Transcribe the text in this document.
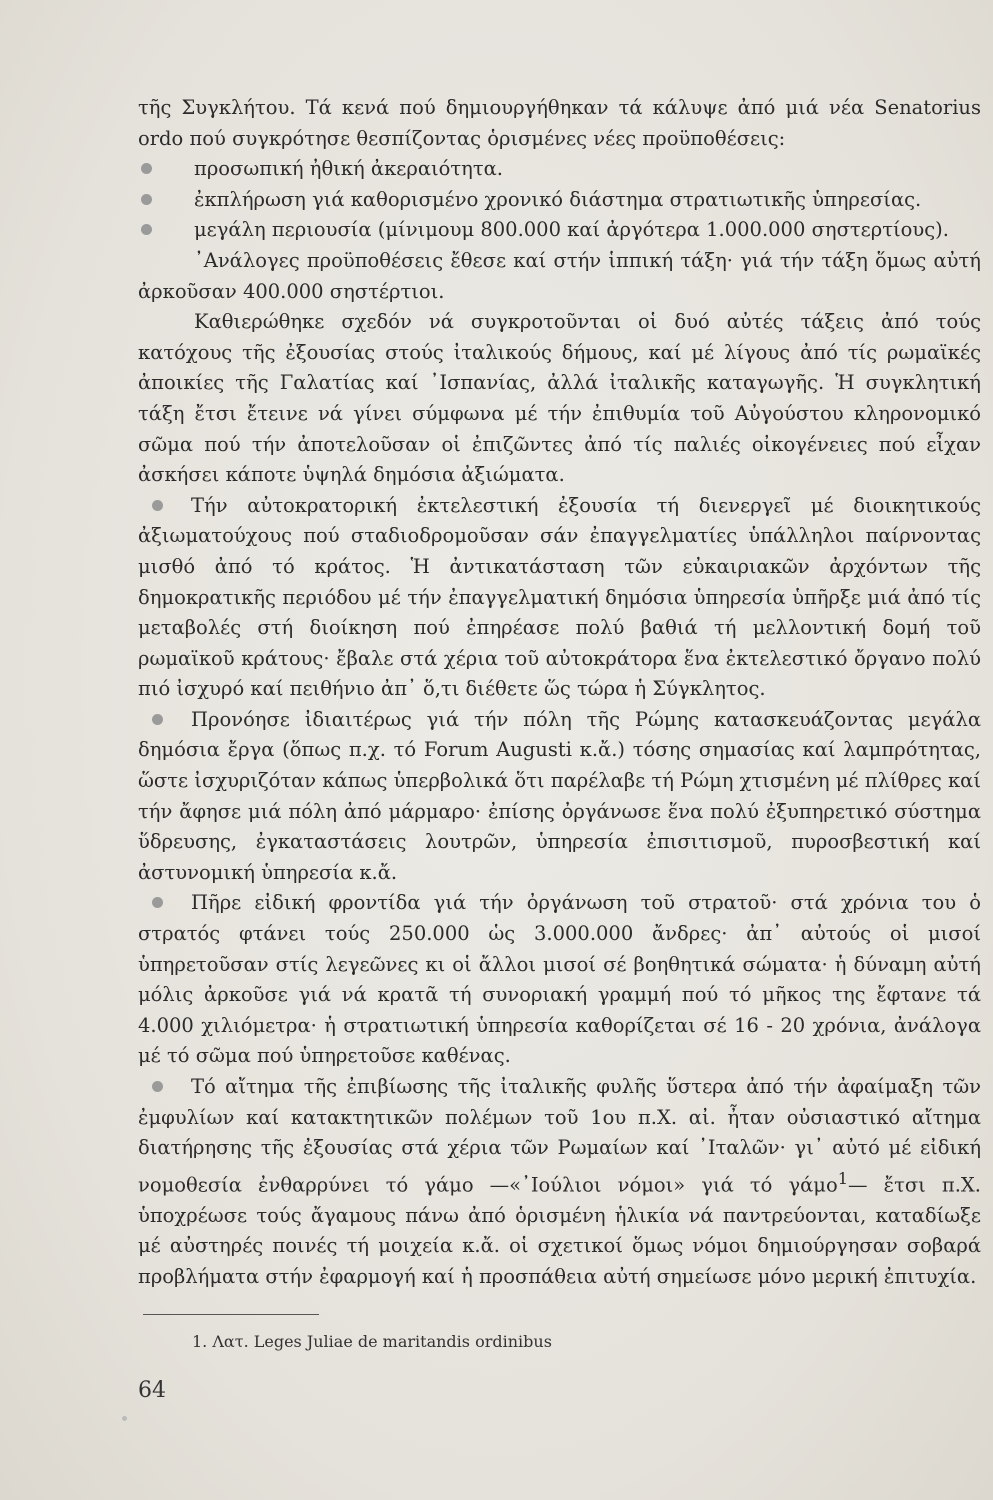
τῆς Συγκλήτου. Τά κενά πού δημιουργήθηκαν τά κάλυψε ἀπό μιά νέα Senatorius ordo πού συγκρότησε θεσπίζοντας ὁρισμένες νέες προϋποθέσεις:

προσωπική ἠθική ἀκεραιότητα.

ἐκπλήρωση γιά καθορισμένο χρονικό διάστημα στρατιωτικῆς ὑπηρεσίας.

μεγάλη περιουσία (μίνιμουμ 800.000 καί ἀργότερα 1.000.000 σηστερτίους).

᾿Ανάλογες προϋποθέσεις ἔθεσε καί στήν ἱππική τάξη· γιά τήν τάξη ὅμως αὐτή ἀρκοῦσαν 400.000 σηστέρτιοι.

Καθιερώθηκε σχεδόν νά συγκροτοῦνται οἱ δυό αὐτές τάξεις ἀπό τούς κατόχους τῆς ἐξουσίας στούς ἰταλικούς δήμους, καί μέ λίγους ἀπό τίς ρωμαϊκές ἀποικίες τῆς Γαλατίας καί ᾿Ισπανίας, ἀλλά ἰταλικῆς καταγωγῆς. Ἡ συγκλητική τάξη ἔτσι ἔτεινε νά γίνει σύμφωνα μέ τήν ἐπιθυμία τοῦ Αὐγούστου κληρονομικό σῶμα πού τήν ἀποτελοῦσαν οἱ ἐπιζῶντες ἀπό τίς παλιές οἰκογένειες πού εἶχαν ἀσκήσει κάποτε ὑψηλά δημόσια ἀξιώματα.

Τήν αὐτοκρατορική ἐκτελεστική ἐξουσία τή διενεργεῖ μέ διοικητικούς ἀξιωματούχους πού σταδιοδρομοῦσαν σάν ἐπαγγελματίες ὑπάλληλοι παίρνοντας μισθό ἀπό τό κράτος. Ἡ ἀντικατάσταση τῶν εὐκαιριακῶν ἀρχόντων τῆς δημοκρατικῆς περιόδου μέ τήν ἐπαγγελματική δημόσια ὑπηρεσία ὑπῆρξε μιά ἀπό τίς μεταβολές στή διοίκηση πού ἐπηρέασε πολύ βαθιά τή μελλοντική δομή τοῦ ρωμαϊκοῦ κράτους· ἔβαλε στά χέρια τοῦ αὐτοκράτορα ἕνα ἐκτελεστικό ὄργανο πολύ πιό ἰσχυρό καί πειθήνιο ἀπ᾿ ὅ,τι διέθετε ὥς τώρα ἡ Σύγκλητος.

Προνόησε ἰδιαιτέρως γιά τήν πόλη τῆς Ρώμης κατασκευάζοντας μεγάλα δημόσια ἔργα (ὅπως π.χ. τό Forum Augusti κ.ἄ.) τόσης σημασίας καί λαμπρότητας, ὥστε ἰσχυριζόταν κάπως ὑπερβολικά ὅτι παρέλαβε τή Ρώμη χτισμένη μέ πλίθρες καί τήν ἄφησε μιά πόλη ἀπό μάρμαρο· ἐπίσης ὀργάνωσε ἕνα πολύ ἐξυπηρετικό σύστημα ὕδρευσης, ἐγκαταστάσεις λουτρῶν, ὑπηρεσία ἐπισιτισμοῦ, πυροσβεστική καί ἀστυνομική ὑπηρεσία κ.ἄ.

Πῆρε εἰδική φροντίδα γιά τήν ὀργάνωση τοῦ στρατοῦ· στά χρόνια του ὁ στρατός φτάνει τούς 250.000 ὡς 3.000.000 ἄνδρες· ἀπ᾿ αὐτούς οἱ μισοί ὑπηρετοῦσαν στίς λεγεῶνες κι οἱ ἄλλοι μισοί σέ βοηθητικά σώματα· ἡ δύναμη αὐτή μόλις ἀρκοῦσε γιά νά κρατᾶ τή συνοριακή γραμμή πού τό μῆκος της ἔφτανε τά 4.000 χιλιόμετρα· ἡ στρατιωτική ὑπηρεσία καθορίζεται σέ 16 - 20 χρόνια, ἀνάλογα μέ τό σῶμα πού ὑπηρετοῦσε καθένας.

Τό αἴτημα τῆς ἐπιβίωσης τῆς ἰταλικῆς φυλῆς ὕστερα ἀπό τήν ἀφαίμαξη τῶν ἐμφυλίων καί κατακτητικῶν πολέμων τοῦ 1ου π.Χ. αἰ. ἦταν οὐσιαστικό αἴτημα διατήρησης τῆς ἐξουσίας στά χέρια τῶν Ρωμαίων καί ᾿Ιταλῶν· γι᾿ αὐτό μέ εἰδική νομοθεσία ἐνθαρρύνει τό γάμο —«᾿Ιούλιοι νόμοι» γιά τό γάμο$^1$— ἔτσι π.Χ. ὑποχρέωσε τούς ἄγαμους πάνω ἀπό ὁρισμένη ἡλικία νά παντρεύονται, καταδίωξε μέ αὐστηρές ποινές τή μοιχεία κ.ἄ. οἱ σχετικοί ὅμως νόμοι δημιούργησαν σοβαρά προβλήματα στήν ἐφαρμογή καί ἡ προσπάθεια αὐτή σημείωσε μόνο μερική ἐπιτυχία.

1. Λατ. Leges Juliae de maritandis ordinibus
64
